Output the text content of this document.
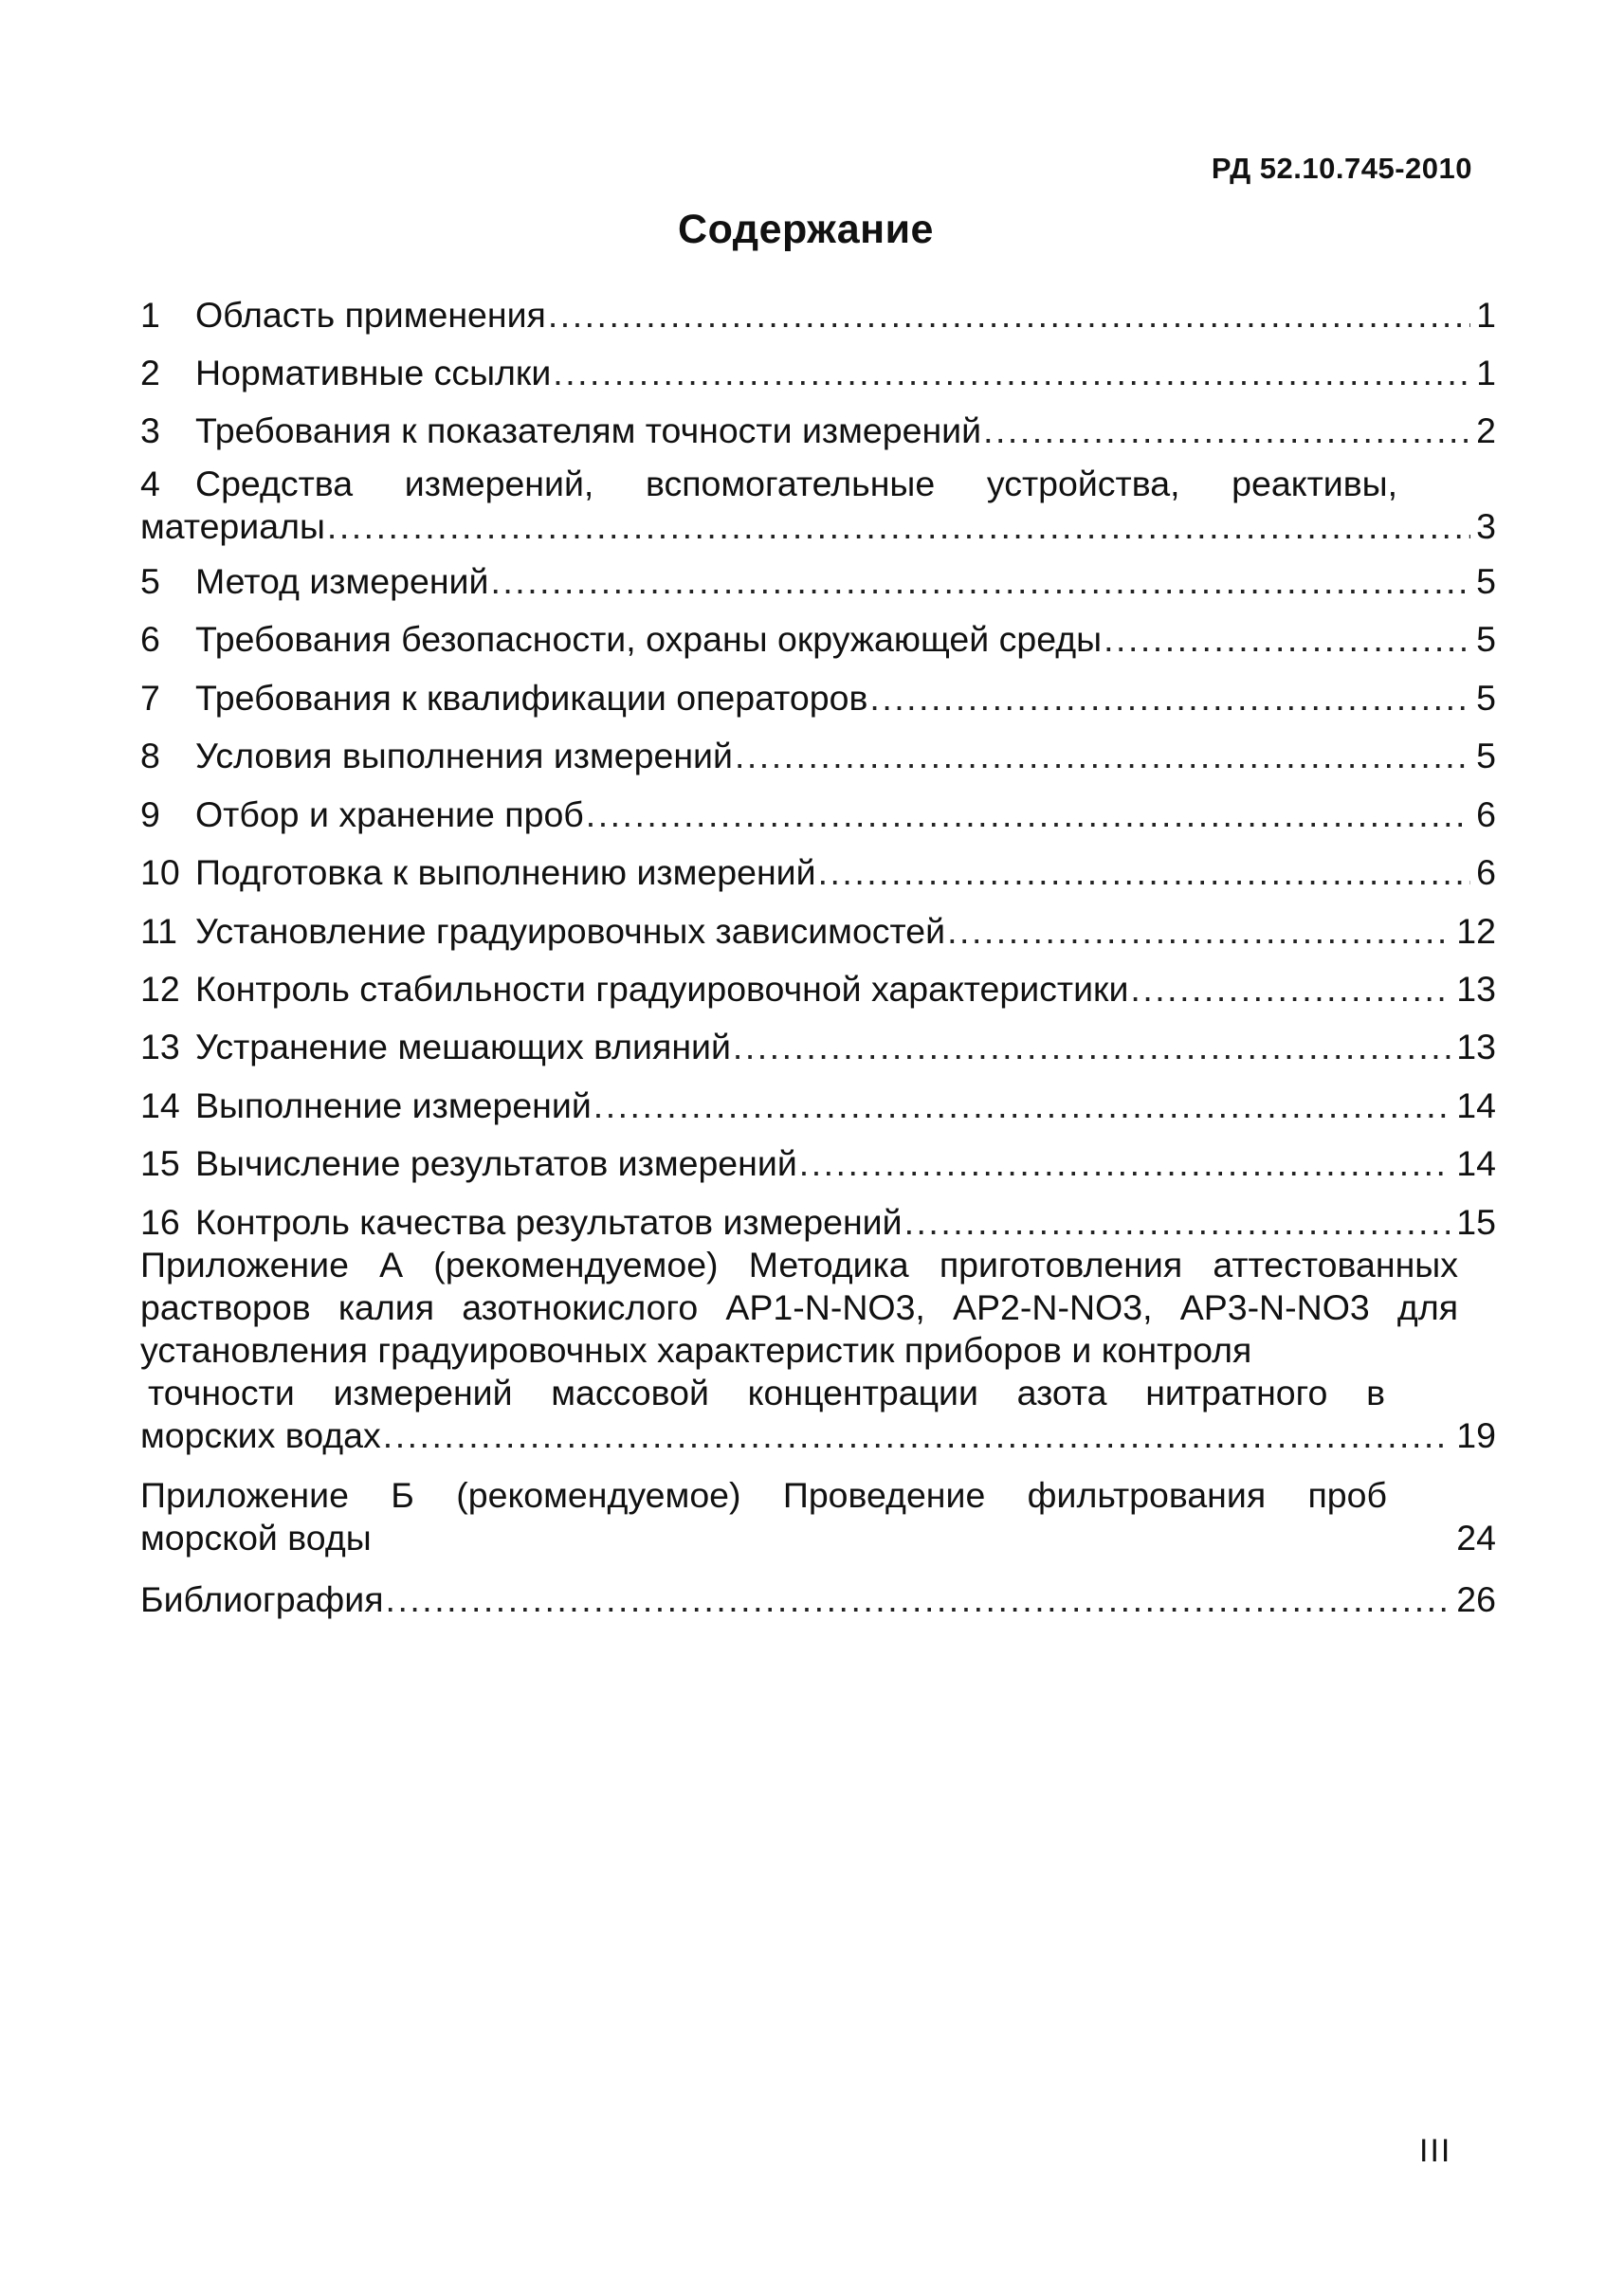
РД 52.10.745-2010
Содержание
1 Область применения .....	1
2 Нормативные ссылки .....	1
3 Требования к показателям точности измерений .....	2
4 Средства измерений, вспомогательные устройства, реактивы,
материалы .....	3
5 Метод измерений .....	5
6 Требования безопасности, охраны окружающей среды .....	5
7 Требования к квалификации операторов .....	5
8 Условия выполнения измерений .....	5
9 Отбор и хранение проб .....	6
10 Подготовка к выполнению измерений .....	6
11 Установление градуировочных зависимостей .....	12
12 Контроль стабильности градуировочной характеристики .....	13
13 Устранение мешающих влияний .....	13
14 Выполнение измерений .....	14
15 Вычисление результатов измерений .....	14
16 Контроль качества результатов измерений .....	15
Приложение А (рекомендуемое) Методика приготовления аттестованных
растворов калия азотнокислого АР1-N-NO3, АР2-N-NO3, АР3-N-NO3 для
установления градуировочных характеристик приборов и контроля
точности измерений массовой концентрации азота нитратного в
морских водах .....	19
Приложение Б (рекомендуемое) Проведение фильтрования проб
морской воды	24
Библиография .....	26
III
